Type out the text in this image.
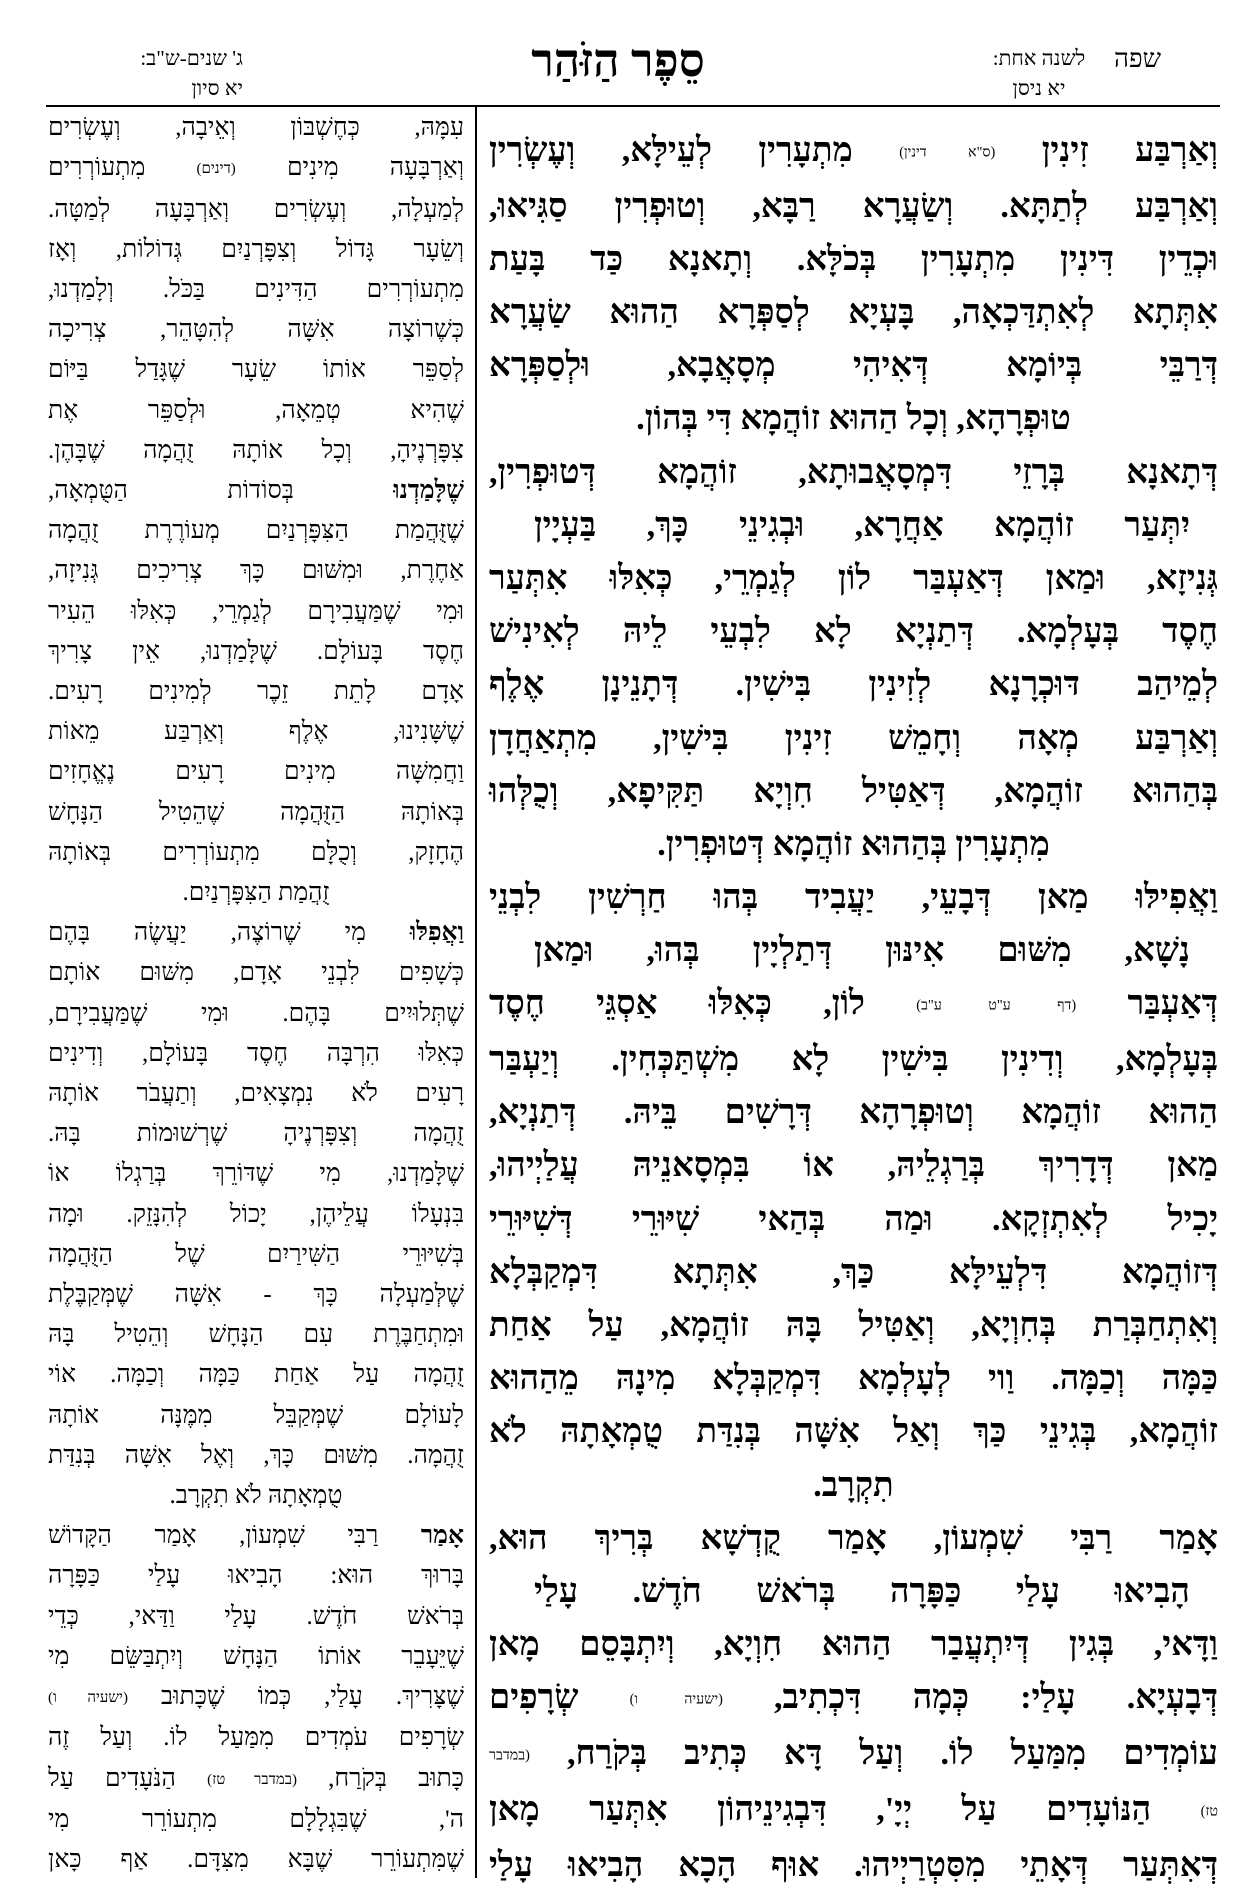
שפה
לשנה אחת:
יא ניסן
סֵפֶר הַזֹּהַר
ג' שנים-ש"ב:
יא סיון
וְאַרְבַּע זִינִין (ס"א דינין) מִתְעָרִין לְעֵילָּא, וְעֶשְׂרִין
וְאַרְבַּע לְתַתָּא. וְשַׂעֲרָא רַבָּא, וְטוּפְרִין סַגִּיאוּ,
וּכְדֵין דִּינִין מִתְעָרִין בְּכֹלָּא. וְתָאנָא כַּד בָּעַת
אִתְּתָא לְאִתְדַּכְאָה, בָּעְיָא לְסַפְּרָא הַהוּא שַׂעֲרָא
דְּרַבֵּי בְּיוֹמָא דְּאִיהִי מְסָאֲבָא, וּלְסַפְּרָא
טוּפְרָהָא, וְכָל הַהוּא זוֹהֲמָא דִּי בְּהוֹן.
דְּתָאנָא בְּרָזֵי דִּמְסָאֲבוּתָא, זוֹהֲמָא דְּטוּפְרִין,
יִתְּעַר זוֹהֲמָא אַחֲרָא, וּבְגִינֵי כָּךְ, בַּעְיָין
גְּנִיזָא, וּמַאן דְּאַעְבַּר לוֹן לְגַמְרֵי, כְּאִלּוּ אִתְּעַר
חֶסֶד בְּעָלְמָא. דְּתַנְיָא לָא לִבְעֵי לֵיהּ לְאִינִישׁ
לְמֵיהַב דּוּכְרָנָא לְזִינִין בִּישִׁין. דְּתָנֵינָן אֶלֶף
וְאַרְבַּע מְאָה וְחָמֵשׁ זִינִין בִּישִׁין, מִתְאַחֲדָן
בְּהַהוּא זוֹהֲמָא, דְּאַטִּיל חִוְיָא תַּקִּיפָא, וְכֻלְּהוּ
מִתְעָרִין בְּהַהוּא זוֹהֲמָא דְּטוּפְרִין.
וַאֲפִילּוּ מַאן דְּבָעֵי, יַעֲבִיד בְּהוּ חַרְשִׁין לִבְנֵי
נָשָׁא, מִשּׁוּם אִינּוּן דְּתַלְיָין בְּהוּ, וּמַאן
דְּאַעְבַּר (דף ע"ט ע"ב) לוֹן, כְּאִלּוּ אַסְגֵּי חֶסֶד
בְּעָלְמָא, וְדִינִין בִּישִׁין לָא מִשְׁתַּכְּחִין. וְיַעְבַּר
הַהוּא זוֹהֲמָא וְטוּפְרָהָא דְּרָשִׁים בֵּיהּ. דְּתַנְיָא,
מַאן דְּדָרִיךְ בְּרַגְלֵיהּ, אוֹ בִּמְסָאנֵיהּ עֲלַיְיהוּ,
יָכִיל לְאִתְזְקָא. וּמַה בְּהַאי שִׁיּוּרֵי דְּשִׁיּוּרֵי
דְּזוֹהֲמָא דִּלְעֵילָּא כַּךְ, אִתְּתָא דִּמְקַבְּלָא
וְאִתְחַבְּרַת בְּחִוְיָא, וְאַטִּיל בָּהּ זוֹהֲמָא, עַל אַחַת
כַּמָּה וְכַמָּה. וַוי לְעָלְמָא דִּמְקַבְּלָא מִינָהּ מֵהַהוּא
זוֹהֲמָא, בְּגִינֵי כַּךְ וְאַל אִשָּׁה בְּנִדַּת טֻמְאָתָהּ לֹא
תִקְרָב.
אָמַר רַבִּי שִׁמְעוֹן, אָמַר קֻדְשָׁא בְּרִיךְ הוּא,
הָבִיאוּ עָלַי כַּפָּרָה בְּרֹאשׁ חֹדֶשׁ. עָלַי
וַדָּאי, בְּגִין דְּיִתְעֲבַר הַהוּא חִוְיָא, וְיִתְבָּסֵם מָאן
דְּבָעְיָא. עָלַי: כְּמָה דִּכְתִיב, (ישעיה ו) שְׂרָפִים
עוֹמְדִים מִמַּעַל לוֹ. וְעַל דָּא כְּתִיב בְּקֹרַח, (במדבר
טז) הַנּוֹעָדִים עַל יְיָ', דִּבְגִינֵיהוֹן אִתְּעַר מָאן
דְּאִתְּעַר דְּאָתֵי מִסִּטְרַיְיהוּ. אוּף הָכָא הָבִיאוּ עָלַי
עִמָּהּ, כְּחֶשְׁבּוֹן וְאֵיבָה, וְעֶשְׂרִים
וְאַרְבָּעָה מִינִים (דינים) מִתְעוֹרְרִים
לְמַעְלָה, וְעֶשְׂרִים וְאַרְבָּעָה לְמַטָּה.
וְשֵׂעָר גָּדוֹל וְצִפָּרְנַיִם גְּדוֹלוֹת, וְאָז
מִתְעוֹרְרִים הַדִּינִים בַּכֹּל. וְלָמַדְנוּ,
כְּשֶׁרוֹצָה אִשָּׁה לְהִטָּהֵר, צְרִיכָה
לְסַפֵּר אוֹתוֹ שֵׂעָר שֶׁגָּדַל בַּיּוֹם
שֶׁהִיא טְמֵאָה, וּלְסַפֵּר אֶת
צִפָּרְנֶיהָ, וְכָל אוֹתָהּ זֻהֲמָה שֶׁבָּהֶן.
שֶׁלָּמַדְנוּ בְּסוֹדוֹת הַטֻּמְאָה,
שֶׁזֻּהֲמַת הַצִּפָּרְנַיִם מְעוֹרֶרֶת זֻהֲמָה
אַחֶרֶת, וּמִשּׁוּם כָּךְ צְרִיכִים גְּנִיזָה,
וּמִי שֶׁמַּעֲבִירָם לְגַמְרֵי, כְּאִלּוּ הֵעִיר
חֶסֶד בָּעוֹלָם. שֶׁלָּמַדְנוּ, אֵין צָרִיךְ
אָדָם לָתֵת זֵכֶר לְמִינִים רָעִים.
שֶׁשָּׁנִינוּ, אֶלֶף וְאַרְבַּע מֵאוֹת
וַחֲמִשָּׁה מִינִים רָעִים נֶאֱחָזִים
בְּאוֹתָהּ הַזֻּהֲמָה שֶׁהֵטִיל הַנָּחָשׁ
הֶחָזָק, וְכֻלָּם מִתְעוֹרְרִים בְּאוֹתָהּ
זֻהֲמַת הַצִּפָּרְנַיִם.
וַאֲפִלּוּ מִי שֶׁרוֹצֶה, יַעֲשֶׂה בָּהֶם
כְּשָׁפִים לִבְנֵי אָדָם, מִשּׁוּם אוֹתָם
שֶׁתְּלוּיִים בָּהֶם. וּמִי שֶׁמַּעֲבִירָם,
כְּאִלּוּ הִרְבָּה חֶסֶד בָּעוֹלָם, וְדִינִים
רָעִים לֹא נִמְצָאִים, וְתַעֲבֹר אוֹתָהּ
זֻהֲמָה וְצִפָּרְנֶיהָ שֶׁרְשׁוּמוֹת בָּהּ.
שֶׁלָּמַדְנוּ, מִי שֶׁדּוֹרֵךְ בְּרַגְלוֹ אוֹ
בִּנְעָלוֹ עֲלֵיהֶן, יָכוֹל לְהִנָּזֵק. וּמָה
בְּשִׁיּוּרֵי הַשִּׁירַיִם שֶׁל הַזֻּהֲמָה
שֶׁלְּמַעְלָה כָּךְ - אִשָּׁה שֶׁמְּקַבֶּלֶת
וּמִתְחַבֶּרֶת עִם הַנָּחָשׁ וְהֵטִיל בָּהּ
זֻהֲמָה עַל אַחַת כַּמָּה וְכַמָּה. אוֹי
לָעוֹלָם שֶׁמְּקַבֵּל מִמֶּנָּה אוֹתָהּ
זֻהֲמָה. מִשּׁוּם כָּךְ, וְאֶל אִשָּׁה בְּנִדַּת
טֻמְאָתָהּ לֹא תִקְרָב.
אָמַר רַבִּי שִׁמְעוֹן, אָמַר הַקָּדוֹשׁ
בָּרוּךְ הוּא: הָבִיאוּ עָלַי כַּפָּרָה
בְּרֹאשׁ חֹדֶשׁ. עָלַי וַדַּאי, כְּדֵי
שֶׁיֵּעָבֵר אוֹתוֹ הַנָּחָשׁ וְיִתְבַּשֵּׂם מִי
שֶׁצָּרִיךְ. עָלַי, כְּמוֹ שֶׁכָּתוּב (ישעיה ו)
שְׂרָפִים עֹמְדִים מִמַּעַל לוֹ. וְעַל זֶה
כָּתוּב בְּקֹרַח, (במדבר טז) הַנֹּעָדִים עַל
ה', שֶׁבִּגְלָלָם מִתְעוֹרֵר מִי
שֶׁמִּתְעוֹרֵר שֶׁבָּא מִצִּדָּם. אַף כָּאן
